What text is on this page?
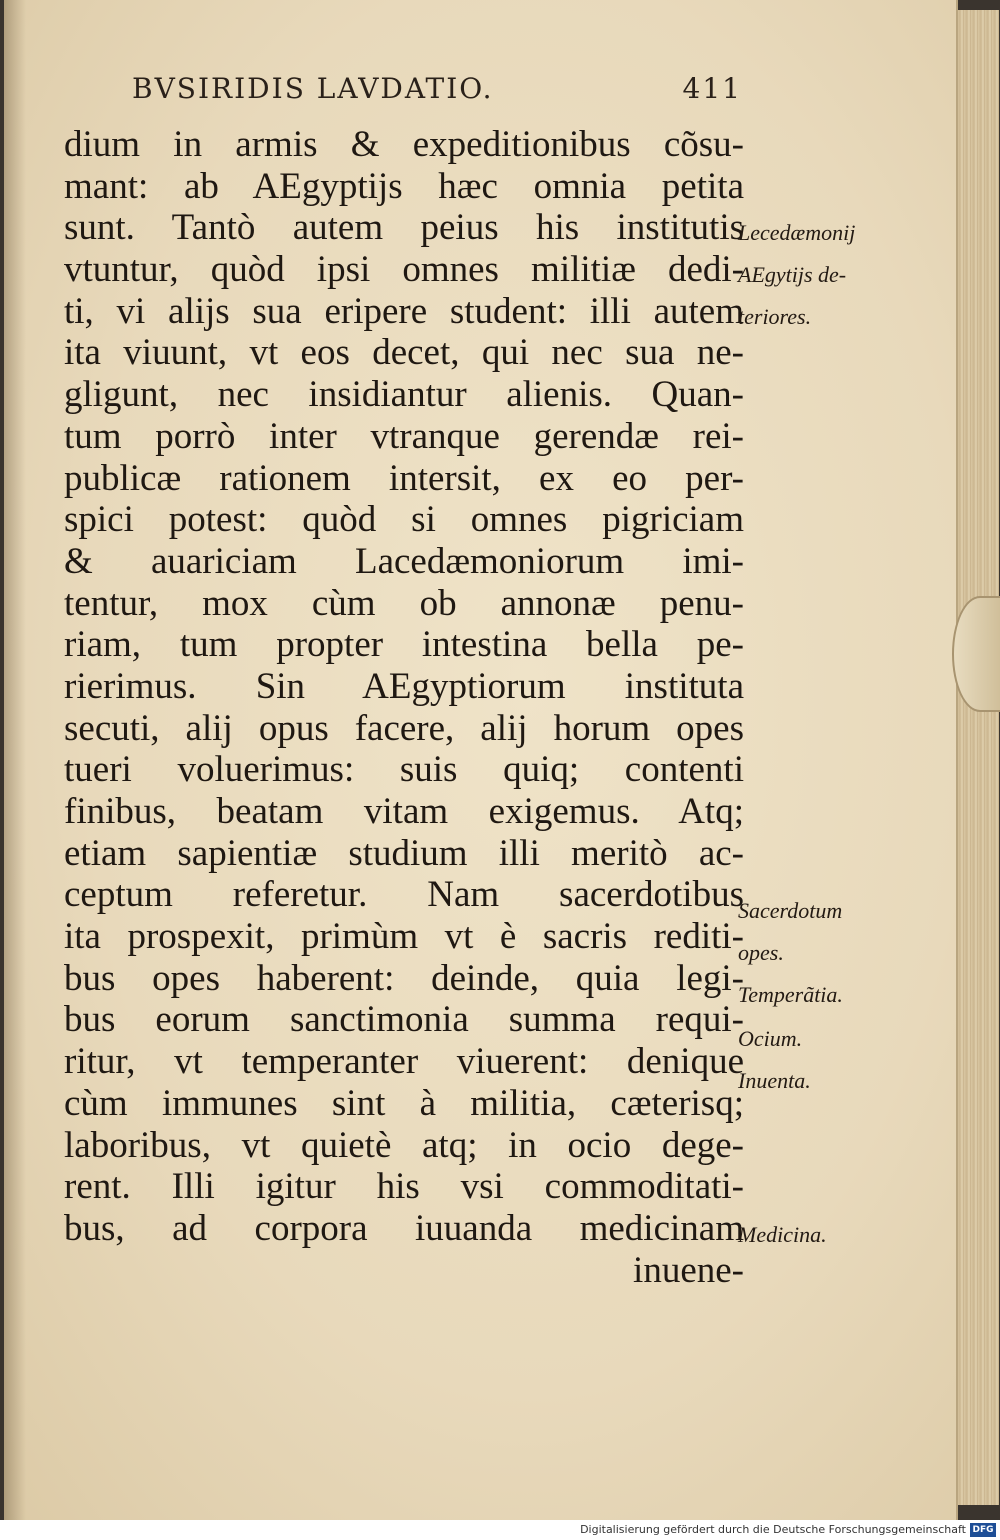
BVSIRIDIS LAVDATIO.	411
dium in armis & expeditionibus cõsu-
mant: ab AEgyptijs hæc omnia petita
sunt. Tantò autem peius his institutis
vtuntur, quòd ipsi omnes militiæ dedi-
ti, vi alijs sua eripere student: illi autem
ita viuunt, vt eos decet, qui nec sua ne-
gligunt, nec insidiantur alienis. Quan-
tum porrò inter vtranque gerendæ rei-
publicæ rationem intersit, ex eo per-
spici potest: quòd si omnes pigriciam
& auariciam Lacedæmoniorum imi-
tentur, mox cùm ob annonæ penu-
riam, tum propter intestina bella pe-
rierimus. Sin AEgyptiorum instituta
secuti, alij opus facere, alij horum opes
tueri voluerimus: suis quiq; contenti
finibus, beatam vitam exigemus. Atq;
etiam sapientiæ studium illi meritò ac-
ceptum referetur. Nam sacerdotibus
ita prospexit, primùm vt è sacris rediti-
bus opes haberent: deinde, quia legi-
bus eorum sanctimonia summa requi-
ritur, vt temperanter viuerent: denique
cùm immunes sint à militia, cæterisq;
laboribus, vt quietè atq; in ocio dege-
rent. Illi igitur his vsi commoditati-
bus, ad corpora iuuanda medicinam
inuene-
Lecedæmonij
AEgytijs de-
teriores.
Sacerdotum
opes.
Temperãtia.
Ocium.
Inuenta.
Medicina.
Digitalisierung gefördert durch die Deutsche Forschungsgemeinschaft DFG
